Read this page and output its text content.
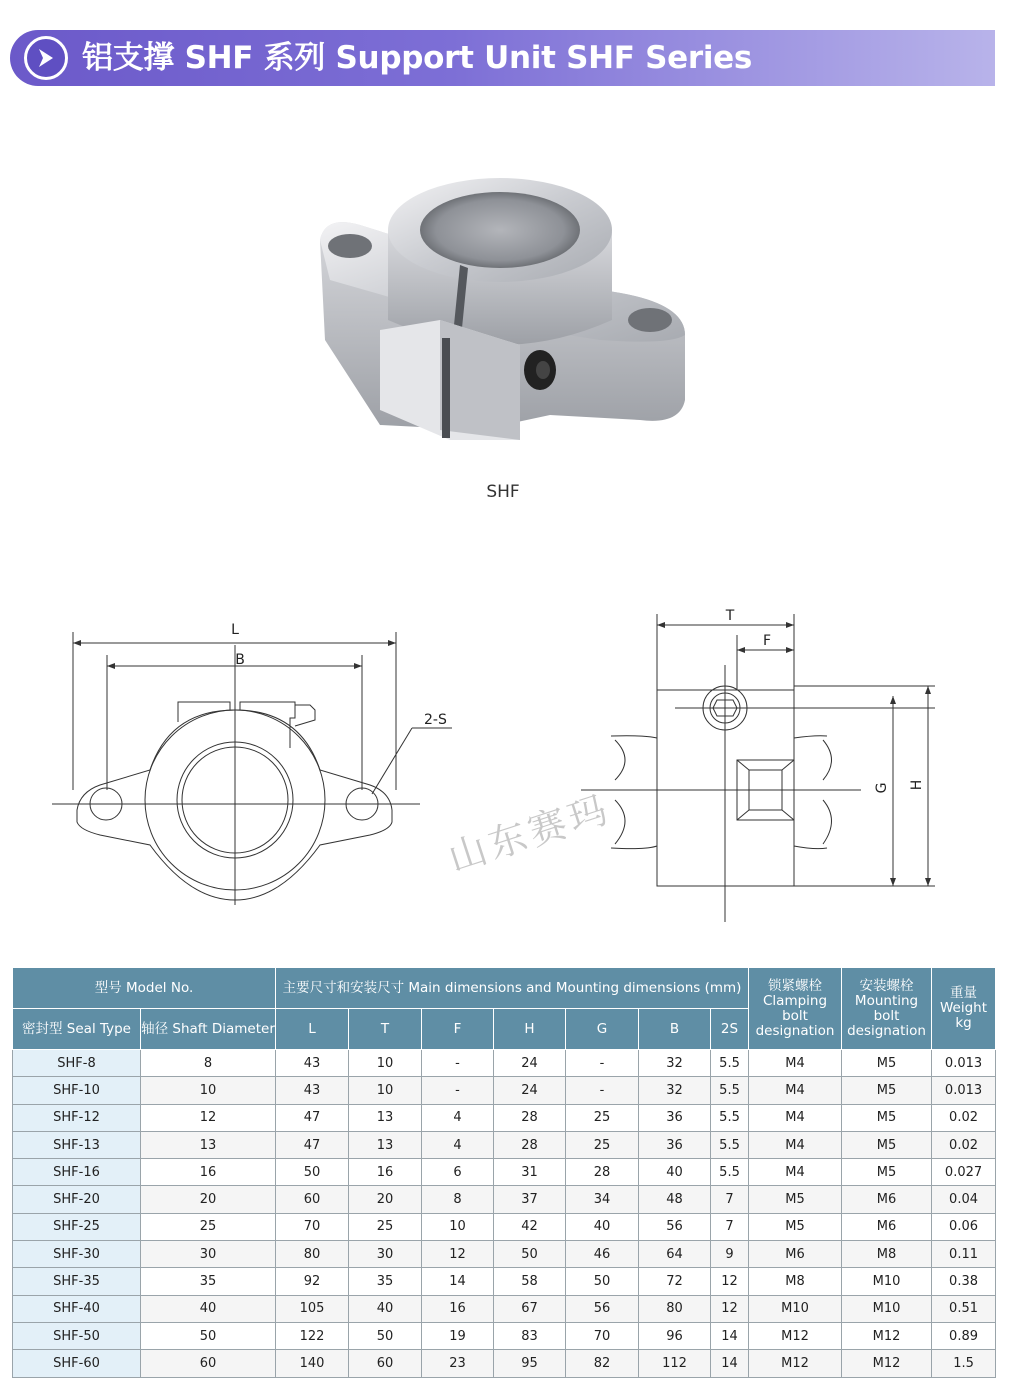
铝支撑 SHF 系列 Support Unit SHF Series
SHF
L
B
2-S
T
F
G H
山东赛玛
型号 Model No.		主要尺寸和安装尺寸 Main dimensions and Mounting dimensions (mm)							锁紧螺栓
Clamping
bolt
designation	安装螺栓
Mounting
bolt
designation	重量
Weight
kg

密封型 Seal Type	轴径 Shaft Diameter	L	T	F	H	G	B	2S			
SHF-8	8	43	10	-	24	-	32	5.5	M4	M5	0.013
SHF-10	10	43	10	-	24	-	32	5.5	M4	M5	0.013
SHF-12	12	47	13	4	28	25	36	5.5	M4	M5	0.02
SHF-13	13	47	13	4	28	25	36	5.5	M4	M5	0.02
SHF-16	16	50	16	6	31	28	40	5.5	M4	M5	0.027
SHF-20	20	60	20	8	37	34	48	7	M5	M6	0.04
SHF-25	25	70	25	10	42	40	56	7	M5	M6	0.06
SHF-30	30	80	30	12	50	46	64	9	M6	M8	0.11
SHF-35	35	92	35	14	58	50	72	12	M8	M10	0.38
SHF-40	40	105	40	16	67	56	80	12	M10	M10	0.51
SHF-50	50	122	50	19	83	70	96	14	M12	M12	0.89
SHF-60	60	140	60	23	95	82	112	14	M12	M12	1.5
